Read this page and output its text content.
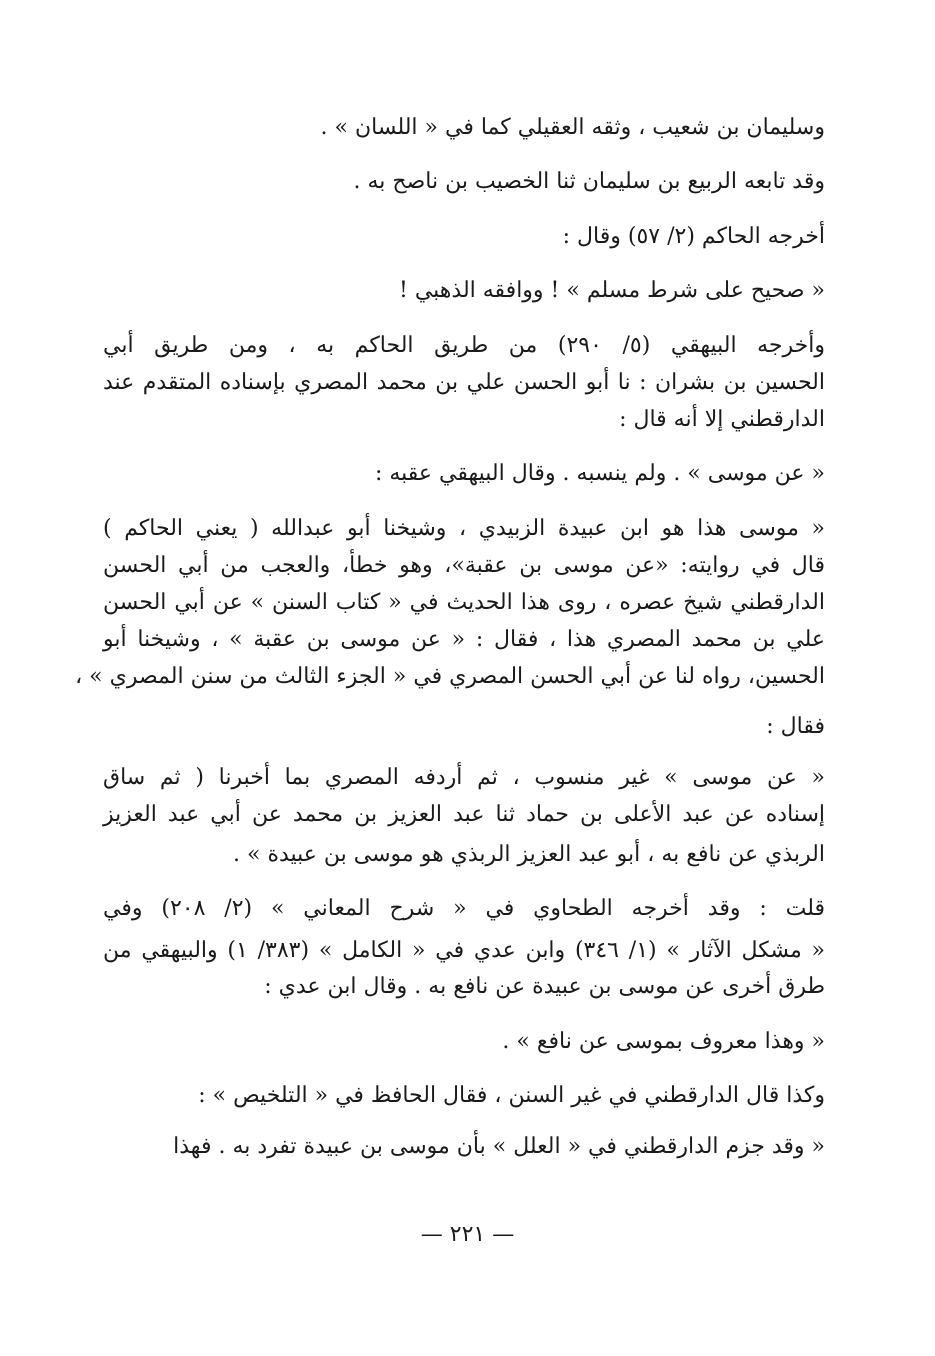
وسليمان بن شعيب ، وثقه العقيلي كما في « اللسان » .
وقد تابعه الربيع بن سليمان ثنا الخصيب بن ناصح به .
أخرجه الحاكم (٢/ ٥٧) وقال :
« صحيح على شرط مسلم » ! ووافقه الذهبي !
وأخرجه البيهقي (٥/ ٢٩٠) من طريق الحاكم به ، ومن طريق أبي
الحسين بن بشران : نا أبو الحسن علي بن محمد المصري بإسناده المتقدم عند
الدارقطني إلا أنه قال :
« عن موسى » . ولم ينسبه . وقال البيهقي عقبه :
« موسى هذا هو ابن عبيدة الزبيدي ، وشيخنا أبو عبدالله ( يعني الحاكم )
قال في روايته: «عن موسى بن عقبة»، وهو خطأ، والعجب من أبي الحسن
الدارقطني شيخ عصره ، روى هذا الحديث في « كتاب السنن » عن أبي الحسن
علي بن محمد المصري هذا ، فقال : « عن موسى بن عقبة » ، وشيخنا أبو
الحسين، رواه لنا عن أبي الحسن المصري في « الجزء الثالث من سنن المصري » ،
فقال :
« عن موسى » غير منسوب ، ثم أردفه المصري بما أخبرنا ( ثم ساق
إسناده عن عبد الأعلى بن حماد ثنا عبد العزيز بن محمد عن أبي عبد العزيز
الربذي عن نافع به ، أبو عبد العزيز الربذي هو موسى بن عبيدة » .
قلت : وقد أخرجه الطحاوي في « شرح المعاني » (٢/ ٢٠٨) وفي
« مشكل الآثار » (١/ ٣٤٦) وابن عدي في « الكامل » (٣٨٣/ ١) والبيهقي من
طرق أخرى عن موسى بن عبيدة عن نافع به . وقال ابن عدي :
« وهذا معروف بموسى عن نافع » .
وكذا قال الدارقطني في غير السنن ، فقال الحافظ في « التلخيص » :
« وقد جزم الدارقطني في « العلل » بأن موسى بن عبيدة تفرد به . فهذا
— ٢٢١ —
